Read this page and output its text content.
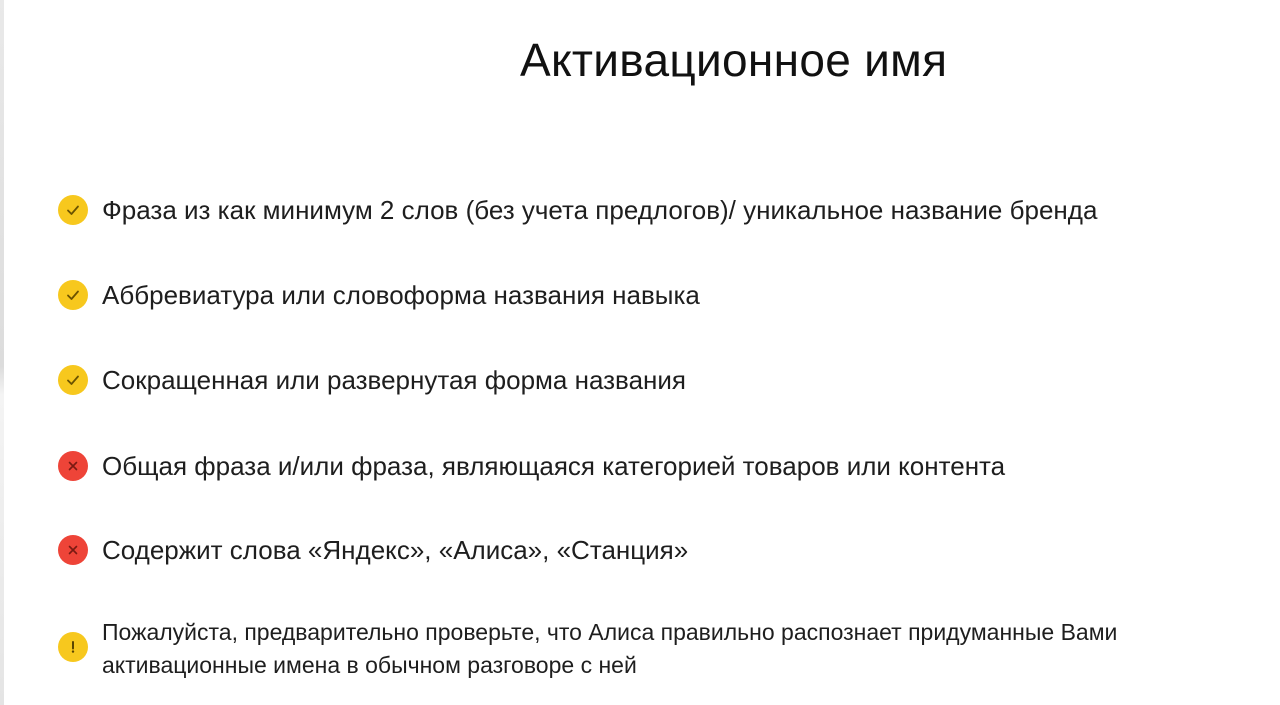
Активационное имя
Фраза из как минимум 2 слов (без учета предлогов)/ уникальное название бренда
Аббревиатура или словоформа названия навыка
Сокращенная или развернутая форма названия
Общая фраза и/или фраза, являющаяся категорией товаров или контента
Содержит слова «Яндекс», «Алиса», «Станция»
Пожалуйста, предварительно проверьте, что Алиса правильно распознает придуманные Вами
активационные имена в обычном разговоре с ней
